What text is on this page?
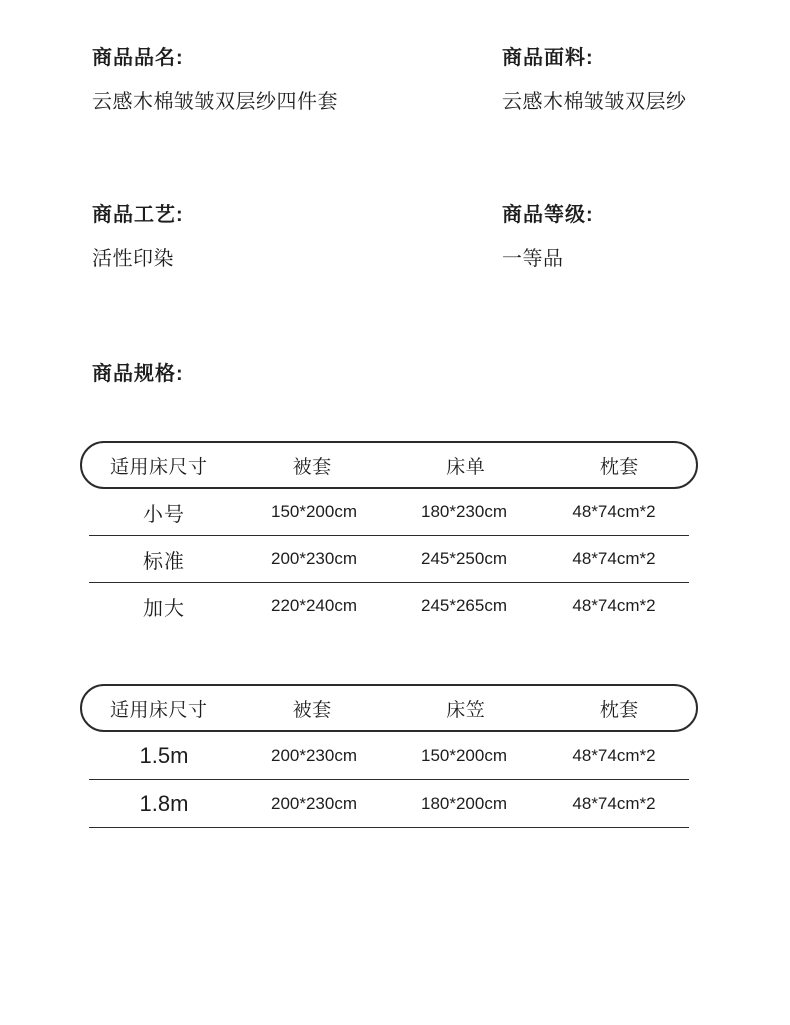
商品品名:
云感木棉皱皱双层纱四件套
商品面料:
云感木棉皱皱双层纱
商品工艺:
活性印染
商品等级:
一等品
商品规格:
适用床尺寸	被套	床单	枕套
小号	150*200cm	180*230cm	48*74cm*2
标准	200*230cm	245*250cm	48*74cm*2
加大	220*240cm	245*265cm	48*74cm*2
适用床尺寸	被套	床笠	枕套
1.5m	200*230cm	150*200cm	48*74cm*2
1.8m	200*230cm	180*200cm	48*74cm*2
